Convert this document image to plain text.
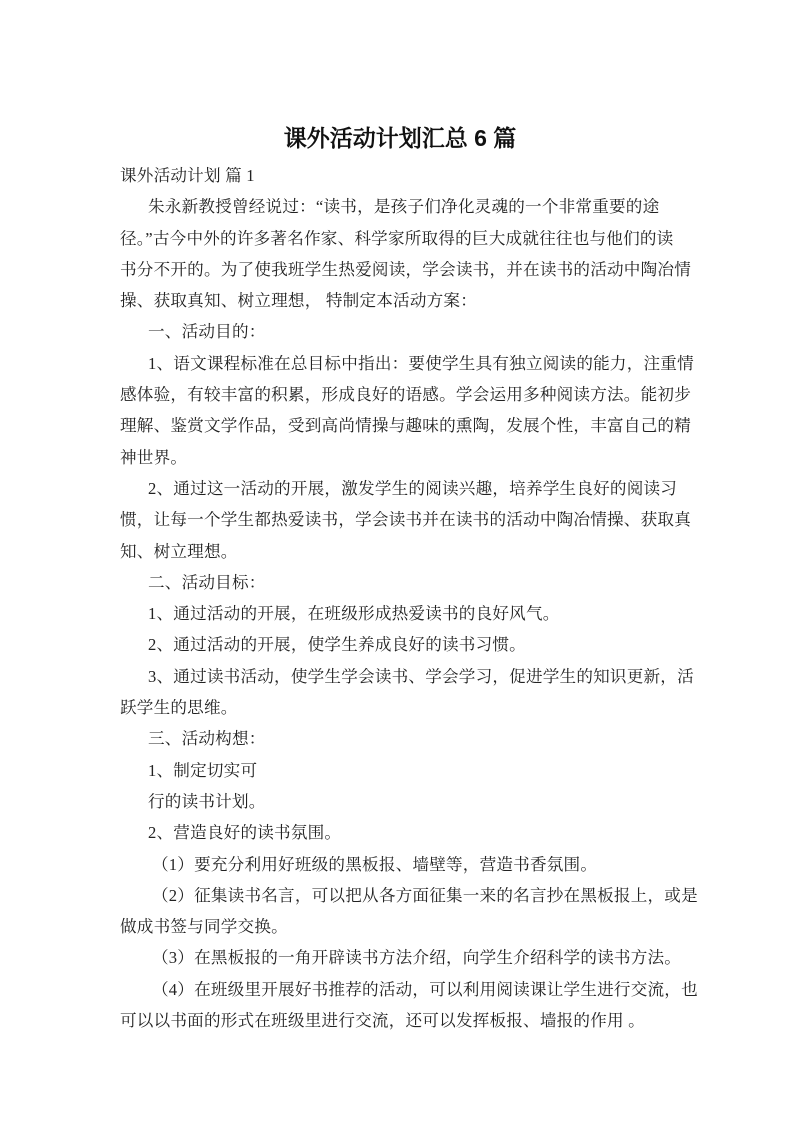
课外活动计划汇总 6 篇
课外活动计划 篇 1
朱永新教授曾经说过：“读书，是孩子们净化灵魂的一个非常重要的途
径。”古今中外的许多著名作家、科学家所取得的巨大成就往往也与他们的读
书分不开的。为了使我班学生热爱阅读，学会读书，并在读书的活动中陶冶情
操、获取真知、树立理想， 特制定本活动方案：
一、活动目的：
1、语文课程标准在总目标中指出：要使学生具有独立阅读的能力，注重情
感体验，有较丰富的积累，形成良好的语感。学会运用多种阅读方法。能初步
理解、鉴赏文学作品，受到高尚情操与趣味的熏陶，发展个性，丰富自己的精
神世界。
2、通过这一活动的开展，激发学生的阅读兴趣，培养学生良好的阅读习
惯，让每一个学生都热爱读书，学会读书并在读书的活动中陶冶情操、获取真
知、树立理想。
二、活动目标：
1、通过活动的开展，在班级形成热爱读书的良好风气。
2、通过活动的开展，使学生养成良好的读书习惯。
3、通过读书活动，使学生学会读书、学会学习，促进学生的知识更新，活
跃学生的思维。
三、活动构想：
1、制定切实可
行的读书计划。
2、营造良好的读书氛围。
（1）要充分利用好班级的黑板报、墙壁等，营造书香氛围。
（2）征集读书名言，可以把从各方面征集一来的名言抄在黑板报上，或是
做成书签与同学交换。
（3）在黑板报的一角开辟读书方法介绍，向学生介绍科学的读书方法。
（4）在班级里开展好书推荐的活动，可以利用阅读课让学生进行交流，也
可以以书面的形式在班级里进行交流，还可以发挥板报、墙报的作用 。
